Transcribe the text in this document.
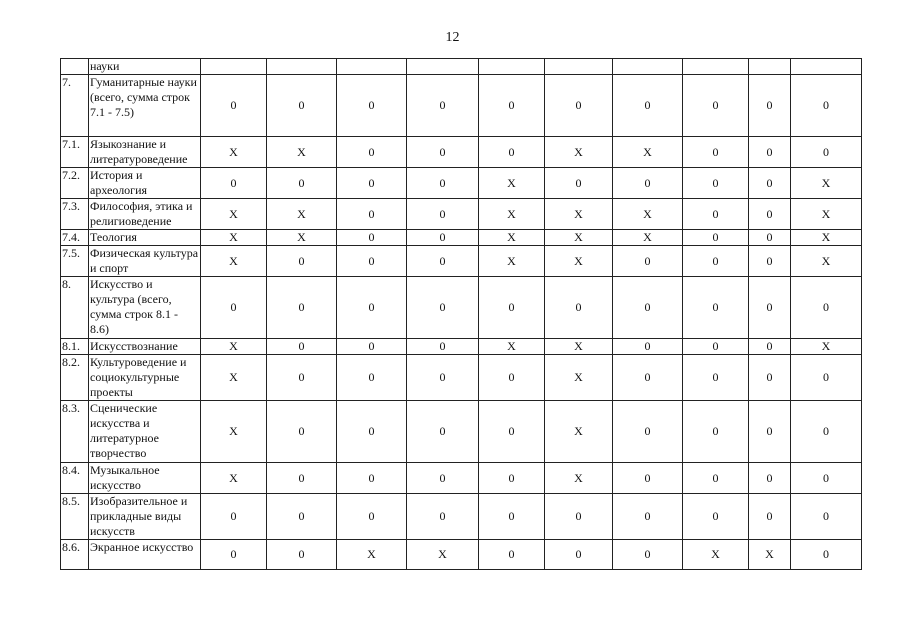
12
	науки										
7.	Гуманитарные науки (всего, сумма строк 7.1 - 7.5)	0	0	0	0	0	0	0	0	0	0
7.1.	Языкознание и литературоведение	X	X	0	0	0	X	X	0	0	0
7.2.	История и археология	0	0	0	0	X	0	0	0	0	X
7.3.	Философия, этика и религиоведение	X	X	0	0	X	X	X	0	0	X
7.4.	Теология	X	X	0	0	X	X	X	0	0	X
7.5.	Физическая культура и спорт	X	0	0	0	X	X	0	0	0	X
8.	Искусство и культура (всего, сумма строк 8.1 - 8.6)	0	0	0	0	0	0	0	0	0	0
8.1.	Искусствознание	X	0	0	0	X	X	0	0	0	X
8.2.	Культуроведение и социокультурные проекты	X	0	0	0	0	X	0	0	0	0
8.3.	Сценические искусства и литературное творчество	X	0	0	0	0	X	0	0	0	0
8.4.	Музыкальное искусство	X	0	0	0	0	X	0	0	0	0
8.5.	Изобразительное и прикладные виды искусств	0	0	0	0	0	0	0	0	0	0
8.6.	Экранное искусство	0	0	X	X	0	0	0	X	X	0
